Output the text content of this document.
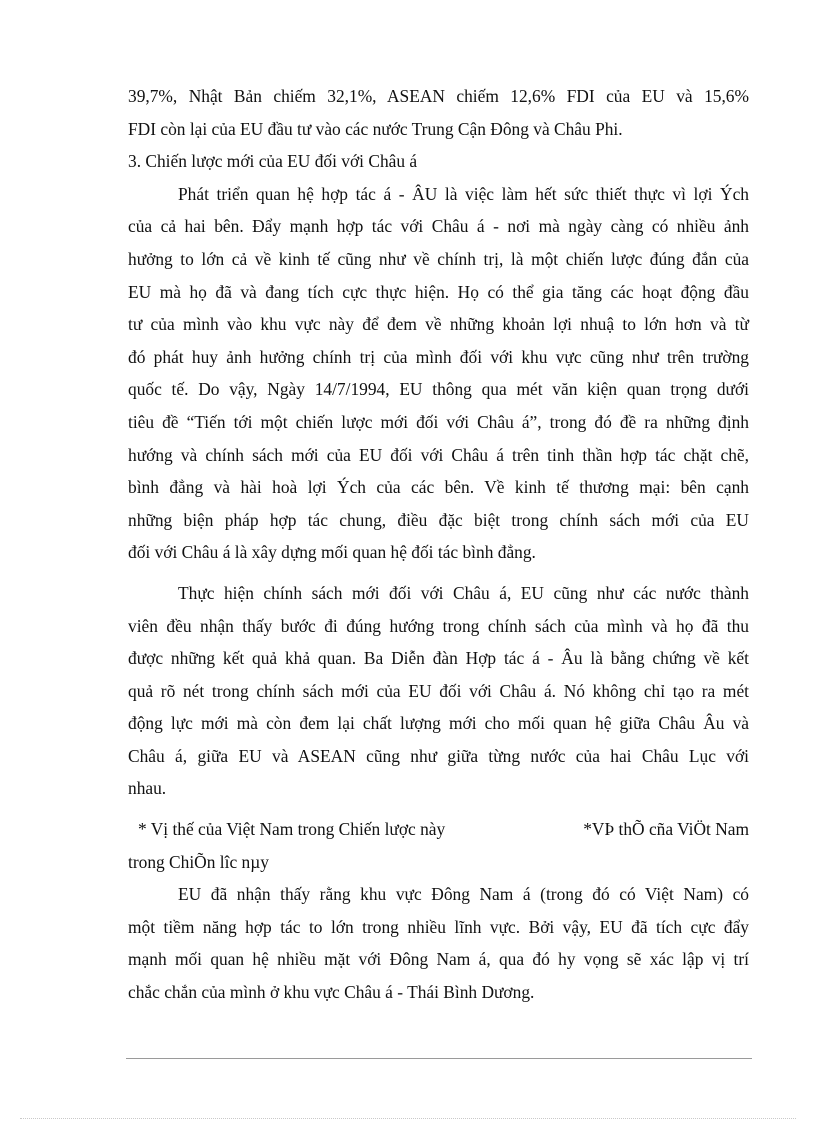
39,7%, Nhật Bản chiếm 32,1%, ASEAN chiếm 12,6% FDI của EU và 15,6%
FDI còn lại của EU đầu tư vào các nước Trung Cận Đông và Châu Phi.
3. Chiến lược mới của EU đối với Châu á
Phát triển quan hệ hợp tác á - ÂU là việc làm hết sức thiết thực vì lợi Ých
của cả hai bên. Đẩy mạnh hợp tác với Châu á - nơi mà ngày càng có nhiều ảnh
hưởng to lớn cả về kinh tế cũng như về chính trị, là một chiến lược đúng đắn của
EU mà họ đã và đang tích cực thực hiện. Họ có thể gia tăng các hoạt động đầu
tư của mình vào khu vực này để đem về những khoản lợi nhuậ to lớn hơn và từ
đó phát huy ảnh hưởng chính trị của mình đối với khu vực cũng như trên trường
quốc tế. Do vậy, Ngày 14/7/1994, EU thông qua mét văn kiện quan trọng dưới
tiêu đề “Tiến tới một chiến lược mới đối với Châu á”, trong đó đề ra những định
hướng và chính sách mới của EU đối với Châu á trên tinh thần hợp tác chặt chẽ,
bình đẳng và hài hoà lợi Ých của các bên. Về kinh tế thương mại: bên cạnh
những biện pháp hợp tác chung, điều đặc biệt trong chính sách mới của EU
đối với Châu á là xây dựng mối quan hệ đối tác bình đẳng.
Thực hiện chính sách mới đối với Châu á, EU cũng như các nước thành
viên đều nhận thấy bước đi đúng hướng trong chính sách của mình và họ đã thu
được những kết quả khả quan. Ba Diễn đàn Hợp tác á - Âu là bằng chứng về kết
quả rõ nét trong chính sách mới của EU đối với Châu á. Nó không chỉ tạo ra mét
động lực mới mà còn đem lại chất lượng mới cho mối quan hệ giữa Châu Âu và
Châu á, giữa EU và ASEAN cũng như giữa từng nước của hai Châu Lục với
nhau.
* Vị thế của Việt Nam trong Chiến lược này	*VÞ thÕ cña ViÖt Nam
trong ChiÕn lîc nµy
EU đã nhận thấy rằng khu vực Đông Nam á (trong đó có Việt Nam) có
một tiềm năng hợp tác to lớn trong nhiều lĩnh vực. Bởi vậy, EU đã tích cực đẩy
mạnh mối quan hệ nhiều mặt với Đông Nam á, qua đó hy vọng sẽ xác lập vị trí
chắc chắn của mình ở khu vực Châu á - Thái Bình Dương.
